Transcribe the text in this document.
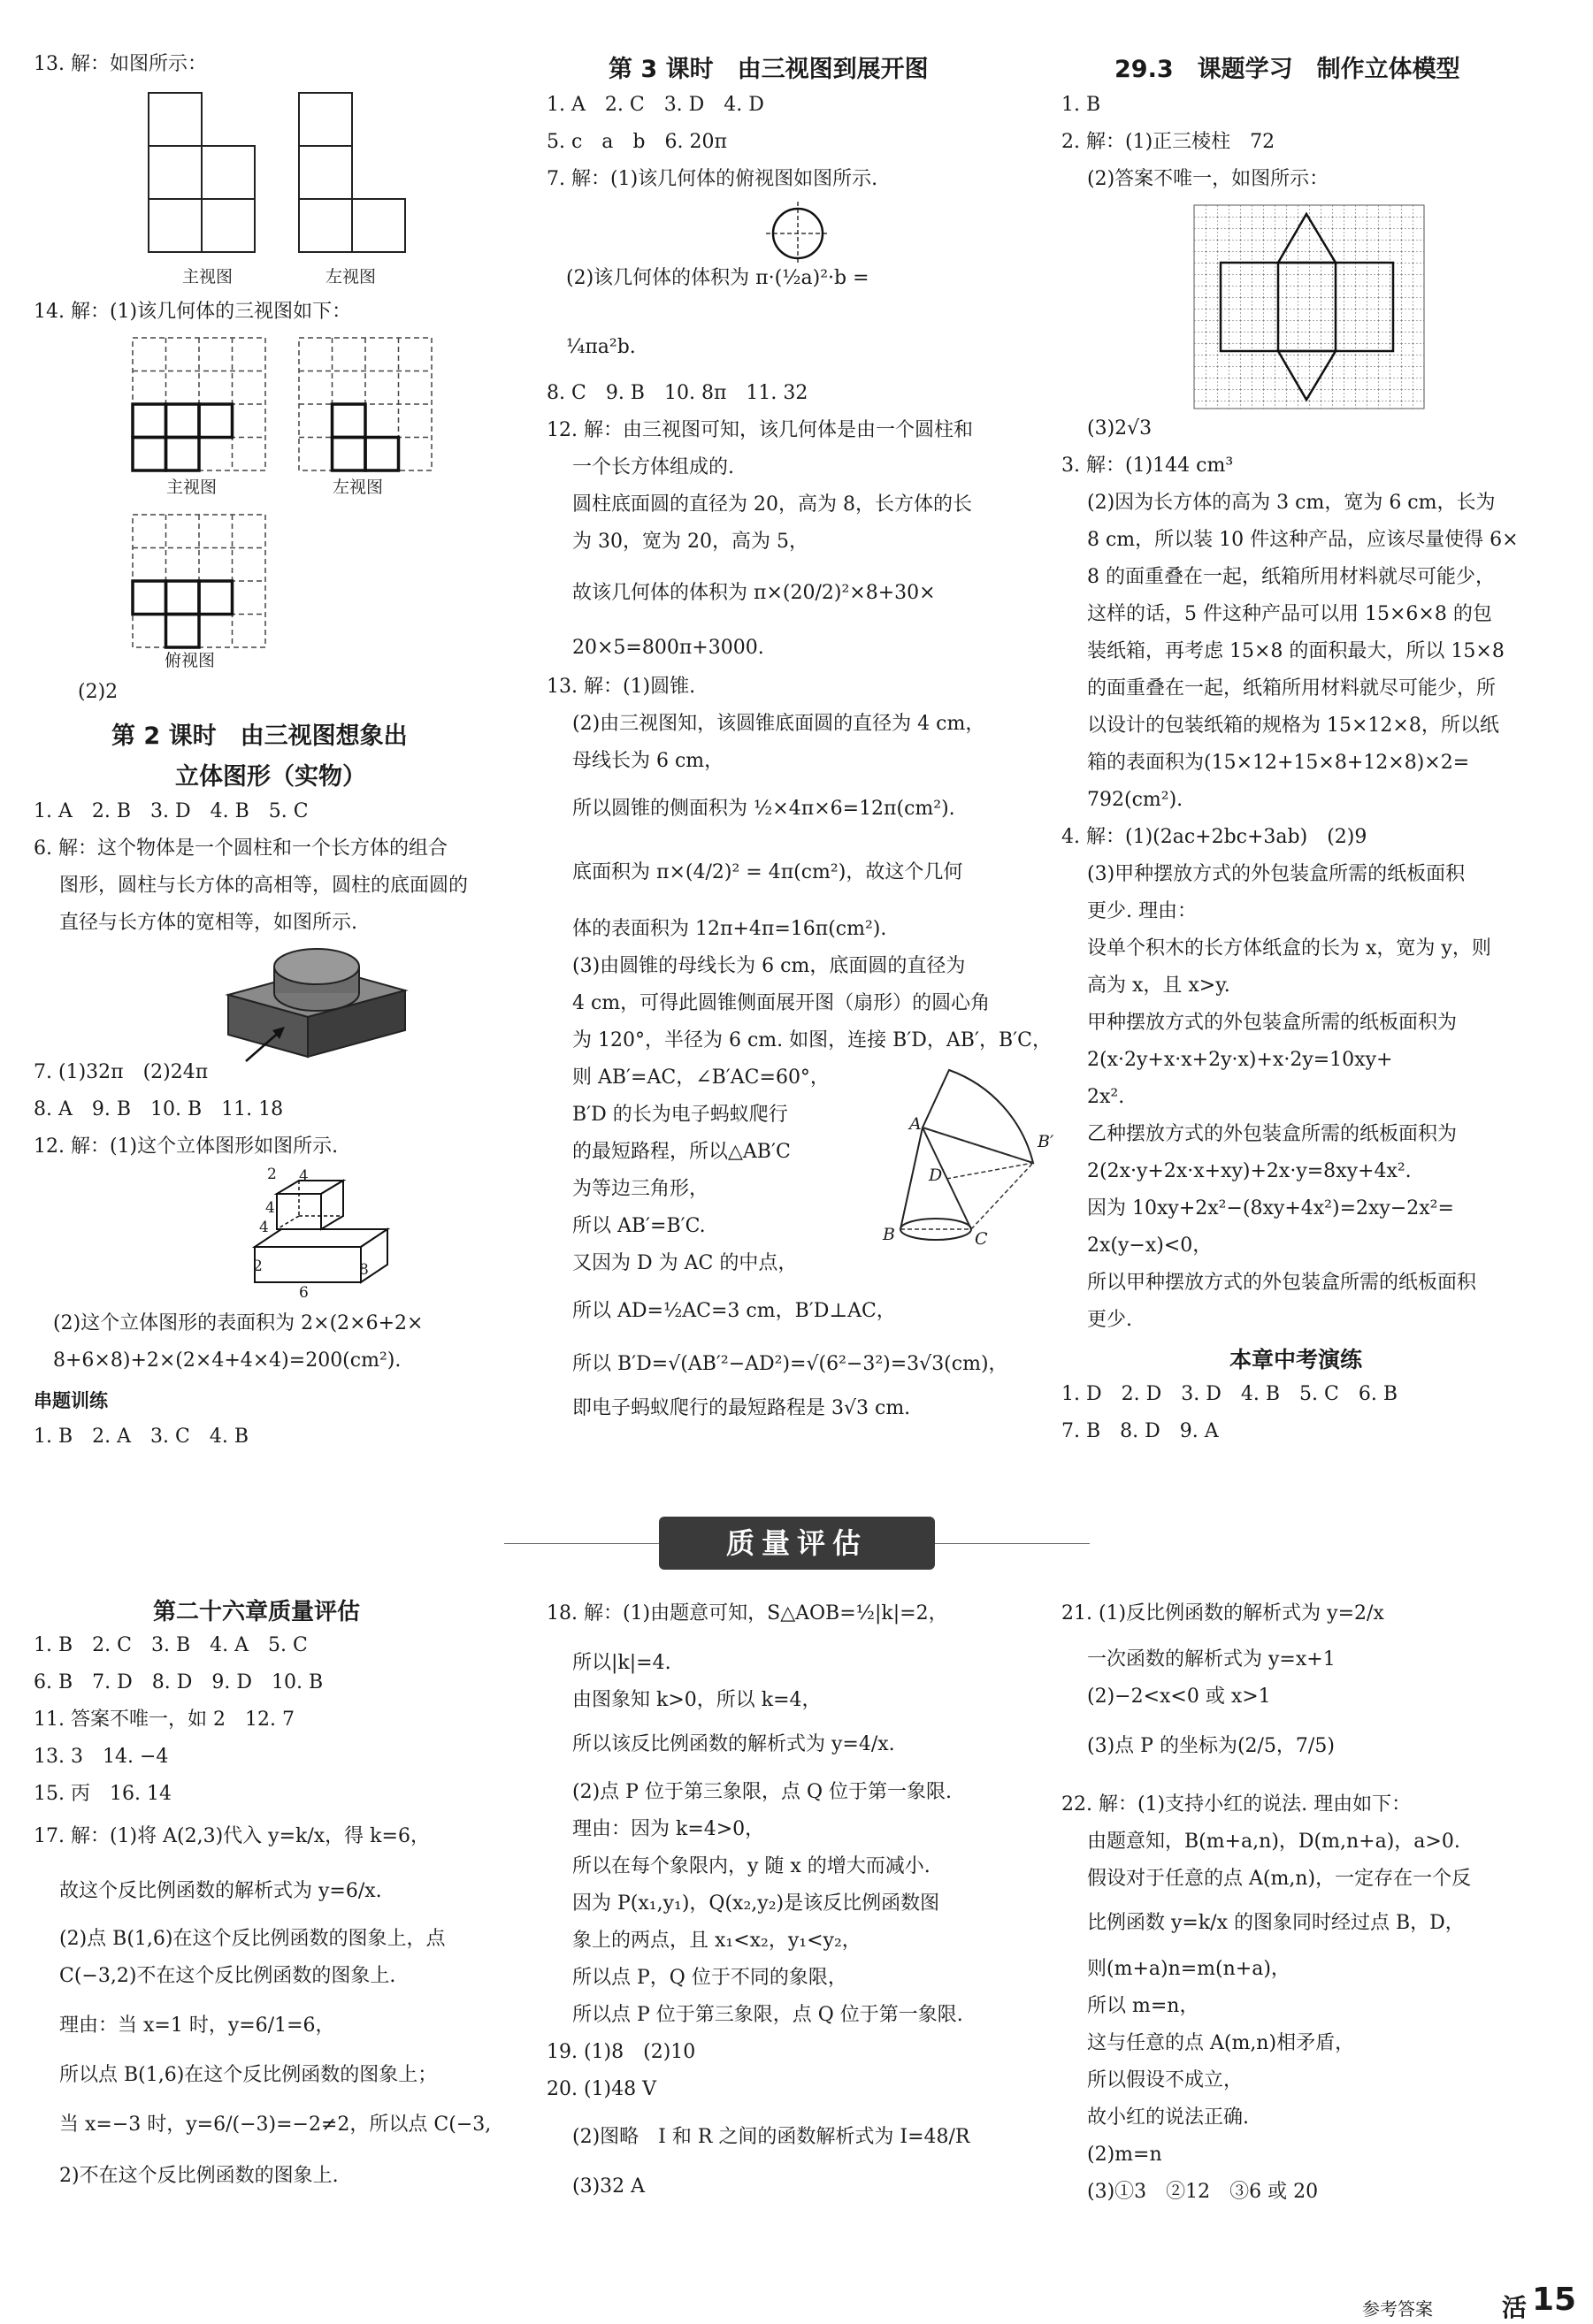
13. 解：如图所示：
主视图	左视图
14. 解：(1)该几何体的三视图如下：
主视图	左视图
俯视图
(2)2
第 2 课时　由三视图想象出
立体图形（实物）
1. A　2. B　3. D　4. B　5. C
6. 解：这个物体是一个圆柱和一个长方体的组合
　 图形，圆柱与长方体的高相等，圆柱的底面圆的
　 直径与长方体的宽相等，如图所示.
7. (1)32π　(2)24π
8. A　9. B　10. B　11. 18
12. 解：(1)这个立体图形如图所示.
2 4
4
4
2	8
6
　(2)这个立体图形的表面积为 2×(2×6+2×
　8+6×8)+2×(2×4+4×4)=200(cm²).
串题训练
1. B　2. A　3. C　4. B
第 3 课时　由三视图到展开图
1. A　2. C　3. D　4. D
5. c　a　b　6. 20π
7. 解：(1)该几何体的俯视图如图所示.
　(2)该几何体的体积为 π·(½a)²·b =
　¼πa²b.
8. C　9. B　10. 8π　11. 32
12. 解：由三视图可知，该几何体是由一个圆柱和
　 一个长方体组成的.
　 圆柱底面圆的直径为 20，高为 8，长方体的长
　 为 30，宽为 20，高为 5，
　 故该几何体的体积为 π×(20/2)²×8+30×
　 20×5=800π+3000.
13. 解：(1)圆锥.
　 (2)由三视图知，该圆锥底面圆的直径为 4 cm，
　 母线长为 6 cm，
　 所以圆锥的侧面积为 ½×4π×6=12π(cm²).
　 底面积为 π×(4/2)² = 4π(cm²)，故这个几何
　 体的表面积为 12π+4π=16π(cm²).
　 (3)由圆锥的母线长为 6 cm，底面圆的直径为
　 4 cm，可得此圆锥侧面展开图（扇形）的圆心角
　 为 120°，半径为 6 cm. 如图，连接 B′D，AB′，B′C，
　 则 AB′=AC，∠B′AC=60°，
　 B′D 的长为电子蚂蚁爬行
　 的最短路程，所以△AB′C
　 为等边三角形，
　 所以 AB′=B′C.
　 又因为 D 为 AC 的中点，
　 所以 AD=½AC=3 cm，B′D⊥AC，
　 所以 B′D=√(AB′²−AD²)=√(6²−3²)=3√3(cm)，
　 即电子蚂蚁爬行的最短路程是 3√3 cm.
A
B′
D
B	C
29.3　课题学习　制作立体模型
1. B
2. 解：(1)正三棱柱　72
　 (2)答案不唯一，如图所示：
　 (3)2√3
3. 解：(1)144 cm³
　 (2)因为长方体的高为 3 cm，宽为 6 cm，长为
　 8 cm，所以装 10 件这种产品，应该尽量使得 6×
　 8 的面重叠在一起，纸箱所用材料就尽可能少，
　 这样的话，5 件这种产品可以用 15×6×8 的包
　 装纸箱，再考虑 15×8 的面积最大，所以 15×8
　 的面重叠在一起，纸箱所用材料就尽可能少，所
　 以设计的包装纸箱的规格为 15×12×8，所以纸
　 箱的表面积为(15×12+15×8+12×8)×2=
　 792(cm²).
4. 解：(1)(2ac+2bc+3ab)　(2)9
　 (3)甲种摆放方式的外包装盒所需的纸板面积
　 更少. 理由：
　 设单个积木的长方体纸盒的长为 x，宽为 y，则
　 高为 x，且 x>y.
　 甲种摆放方式的外包装盒所需的纸板面积为
　 2(x·2y+x·x+2y·x)+x·2y=10xy+
　 2x².
　 乙种摆放方式的外包装盒所需的纸板面积为
　 2(2x·y+2x·x+xy)+2x·y=8xy+4x².
　 因为 10xy+2x²−(8xy+4x²)=2xy−2x²=
　 2x(y−x)<0，
　 所以甲种摆放方式的外包装盒所需的纸板面积
　 更少.
本章中考演练
1. D　2. D　3. D　4. B　5. C　6. B
7. B　8. D　9. A
质量评估
第二十六章质量评估
1. B　2. C　3. B　4. A　5. C
6. B　7. D　8. D　9. D　10. B
11. 答案不唯一，如 2　12. 7
13. 3　14. −4
15. 丙　16. 14
17. 解：(1)将 A(2,3)代入 y=k/x，得 k=6，
　 故这个反比例函数的解析式为 y=6/x.
　 (2)点 B(1,6)在这个反比例函数的图象上，点
　 C(−3,2)不在这个反比例函数的图象上.
　 理由：当 x=1 时，y=6/1=6，
　 所以点 B(1,6)在这个反比例函数的图象上；
　 当 x=−3 时，y=6/(−3)=−2≠2，所以点 C(−3,
　 2)不在这个反比例函数的图象上.
18. 解：(1)由题意可知，S△AOB=½|k|=2，
　 所以|k|=4.
　 由图象知 k>0，所以 k=4，
　 所以该反比例函数的解析式为 y=4/x.
　 (2)点 P 位于第三象限，点 Q 位于第一象限.
　 理由：因为 k=4>0，
　 所以在每个象限内，y 随 x 的增大而减小.
　 因为 P(x₁,y₁)，Q(x₂,y₂)是该反比例函数图
　 象上的两点，且 x₁<x₂，y₁<y₂，
　 所以点 P，Q 位于不同的象限，
　 所以点 P 位于第三象限，点 Q 位于第一象限.
19. (1)8　(2)10
20. (1)48 V
　 (2)图略　I 和 R 之间的函数解析式为 I=48/R
　 (3)32 A
21. (1)反比例函数的解析式为 y=2/x
　 一次函数的解析式为 y=x+1
　 (2)−2<x<0 或 x>1
　 (3)点 P 的坐标为(2/5，7/5)
22. 解：(1)支持小红的说法. 理由如下：
　 由题意知，B(m+a,n)，D(m,n+a)，a>0.
　 假设对于任意的点 A(m,n)，一定存在一个反
　 比例函数 y=k/x 的图象同时经过点 B，D，
　 则(m+a)n=m(n+a)，
　 所以 m=n，
　 这与任意的点 A(m,n)相矛盾，
　 所以假设不成立，
　 故小红的说法正确.
　 (2)m=n
　 (3)①3　②12　③6 或 20
参考答案	活 15
